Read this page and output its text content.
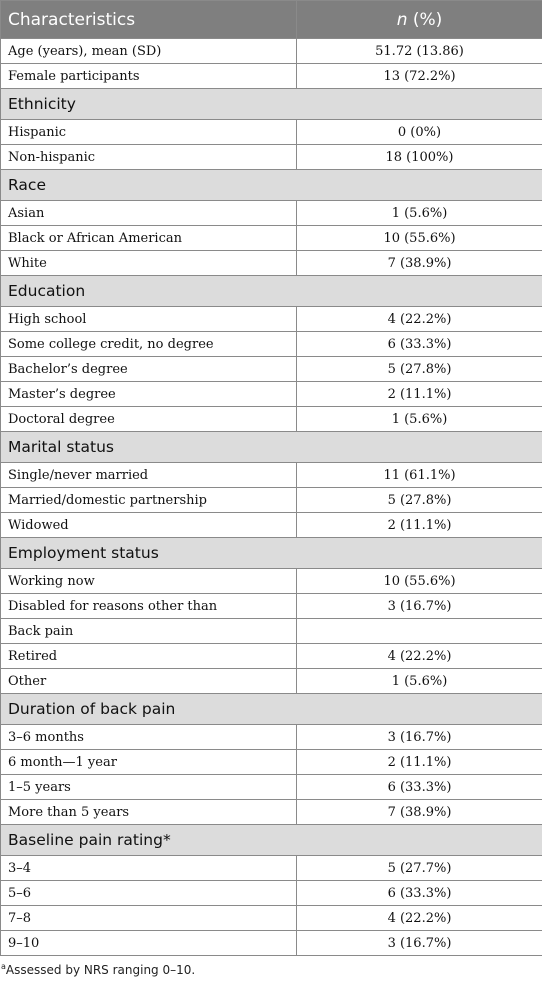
Characteristics	n (%)
Age (years), mean (SD)	51.72 (13.86)
Female participants	13 (72.2%)
Ethnicity	
Hispanic	0 (0%)
Non-hispanic	18 (100%)
Race	
Asian	1 (5.6%)
Black or African American	10 (55.6%)
White	7 (38.9%)
Education	
High school	4 (22.2%)
Some college credit, no degree	6 (33.3%)
Bachelor’s degree	5 (27.8%)
Master’s degree	2 (11.1%)
Doctoral degree	1 (5.6%)
Marital status	
Single/never married	11 (61.1%)
Married/domestic partnership	5 (27.8%)
Widowed	2 (11.1%)
Employment status	
Working now	10 (55.6%)
Disabled for reasons other than	3 (16.7%)
Back pain	
Retired	4 (22.2%)
Other	1 (5.6%)
Duration of back pain	
3–6 months	3 (16.7%)
6 month—1 year	2 (11.1%)
1–5 years	6 (33.3%)
More than 5 years	7 (38.9%)
Baseline pain rating*	
3–4	5 (27.7%)
5–6	6 (33.3%)
7–8	4 (22.2%)
9–10	3 (16.7%)
$^a$Assessed by NRS ranging 0–10.
